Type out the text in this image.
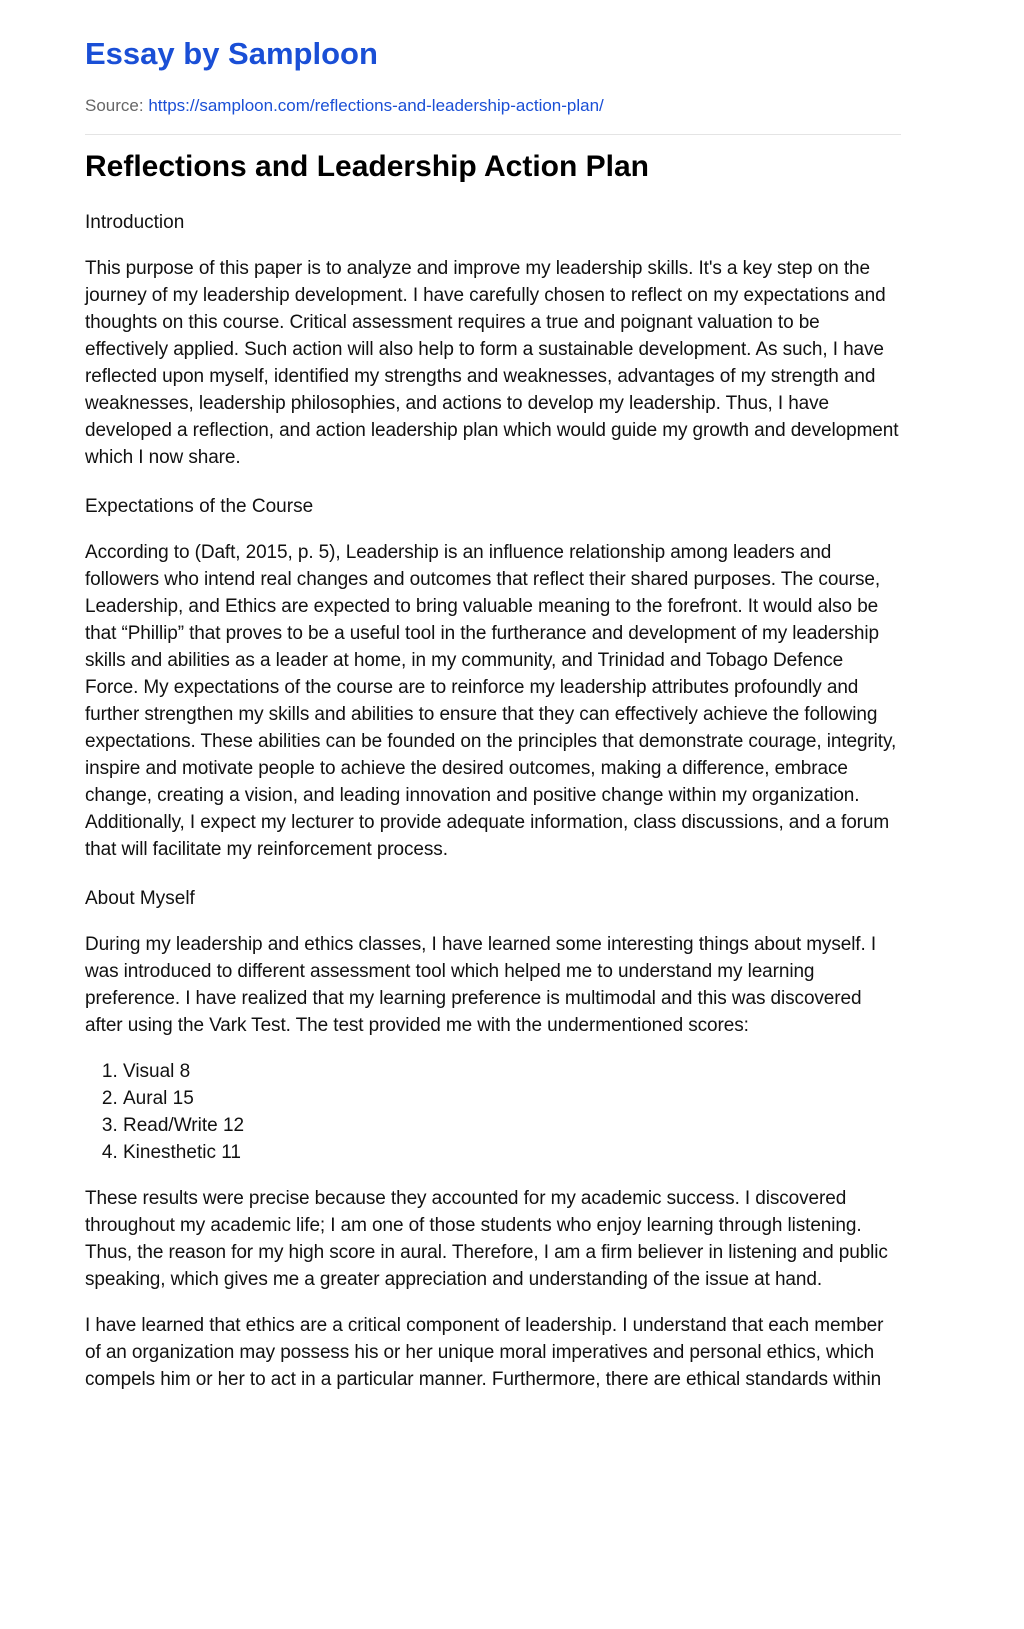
Essay by Samploon
Source: https://samploon.com/reflections-and-leadership-action-plan/
Reflections and Leadership Action Plan
Introduction

This purpose of this paper is to analyze and improve my leadership skills. It's a key step on the journey of my leadership development. I have carefully chosen to reflect on my expectations and thoughts on this course. Critical assessment requires a true and poignant valuation to be effectively applied. Such action will also help to form a sustainable development. As such, I have reflected upon myself, identified my strengths and weaknesses, advantages of my strength and weaknesses, leadership philosophies, and actions to develop my leadership. Thus, I have developed a reflection, and action leadership plan which would guide my growth and development which I now share.

Expectations of the Course

According to (Daft, 2015, p. 5), Leadership is an influence relationship among leaders and followers who intend real changes and outcomes that reflect their shared purposes. The course, Leadership, and Ethics are expected to bring valuable meaning to the forefront. It would also be that “Phillip” that proves to be a useful tool in the furtherance and development of my leadership skills and abilities as a leader at home, in my community, and Trinidad and Tobago Defence Force. My expectations of the course are to reinforce my leadership attributes profoundly and further strengthen my skills and abilities to ensure that they can effectively achieve the following expectations. These abilities can be founded on the principles that demonstrate courage, integrity, inspire and motivate people to achieve the desired outcomes, making a difference, embrace change, creating a vision, and leading innovation and positive change within my organization. Additionally, I expect my lecturer to provide adequate information, class discussions, and a forum that will facilitate my reinforcement process.

About Myself

During my leadership and ethics classes, I have learned some interesting things about myself. I was introduced to different assessment tool which helped me to understand my learning preference. I have realized that my learning preference is multimodal and this was discovered after using the Vark Test. The test provided me with the undermentioned scores:

1. Visual 8
2. Aural 15
3. Read/Write 12
4. Kinesthetic 11

These results were precise because they accounted for my academic success. I discovered throughout my academic life; I am one of those students who enjoy learning through listening. Thus, the reason for my high score in aural. Therefore, I am a firm believer in listening and public speaking, which gives me a greater appreciation and understanding of the issue at hand.

I have learned that ethics are a critical component of leadership. I understand that each member of an organization may possess his or her unique moral imperatives and personal ethics, which compels him or her to act in a particular manner. Furthermore, there are ethical standards within
